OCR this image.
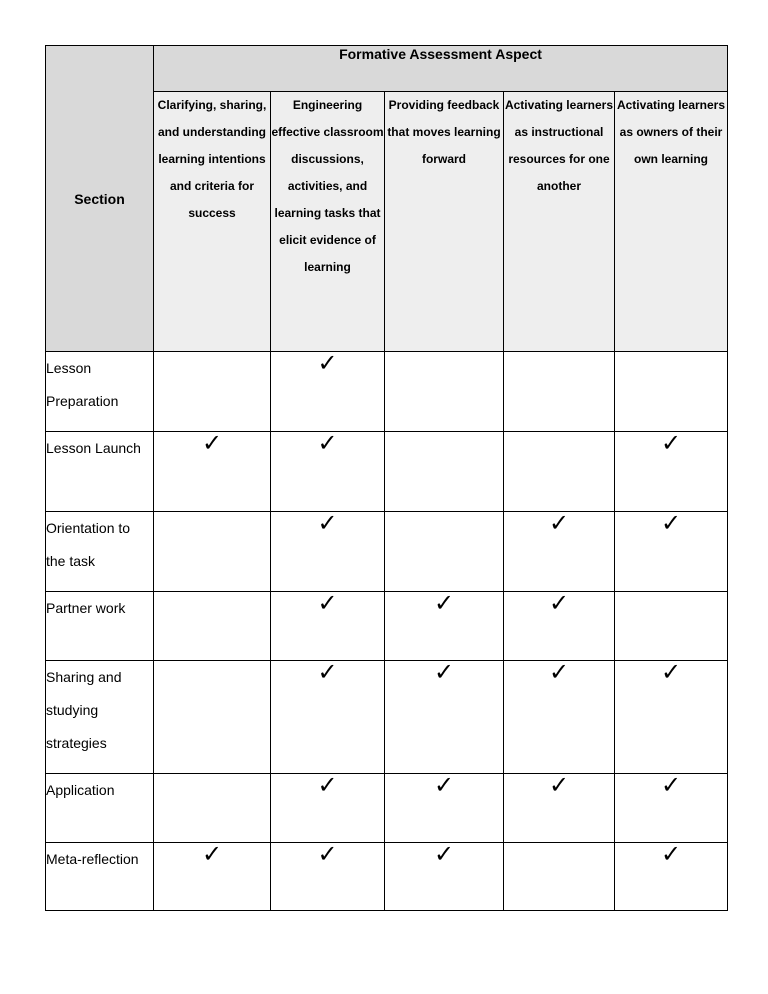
Section	Formative Assessment Aspect				
	Clarifying, sharing, and understanding learning intentions and criteria for success	Engineering effective classroom discussions, activities, and learning tasks that elicit evidence of learning	Providing feedback that moves learning forward	Activating learners as instructional resources for one another	Activating learners as owners of their own learning
Lesson Preparation		✓			
Lesson Launch	✓	✓			✓
Orientation to the task		✓		✓	✓
Partner work		✓	✓	✓	
Sharing and studying strategies		✓	✓	✓	✓
Application		✓	✓	✓	✓
Meta-reflection	✓	✓	✓		✓
